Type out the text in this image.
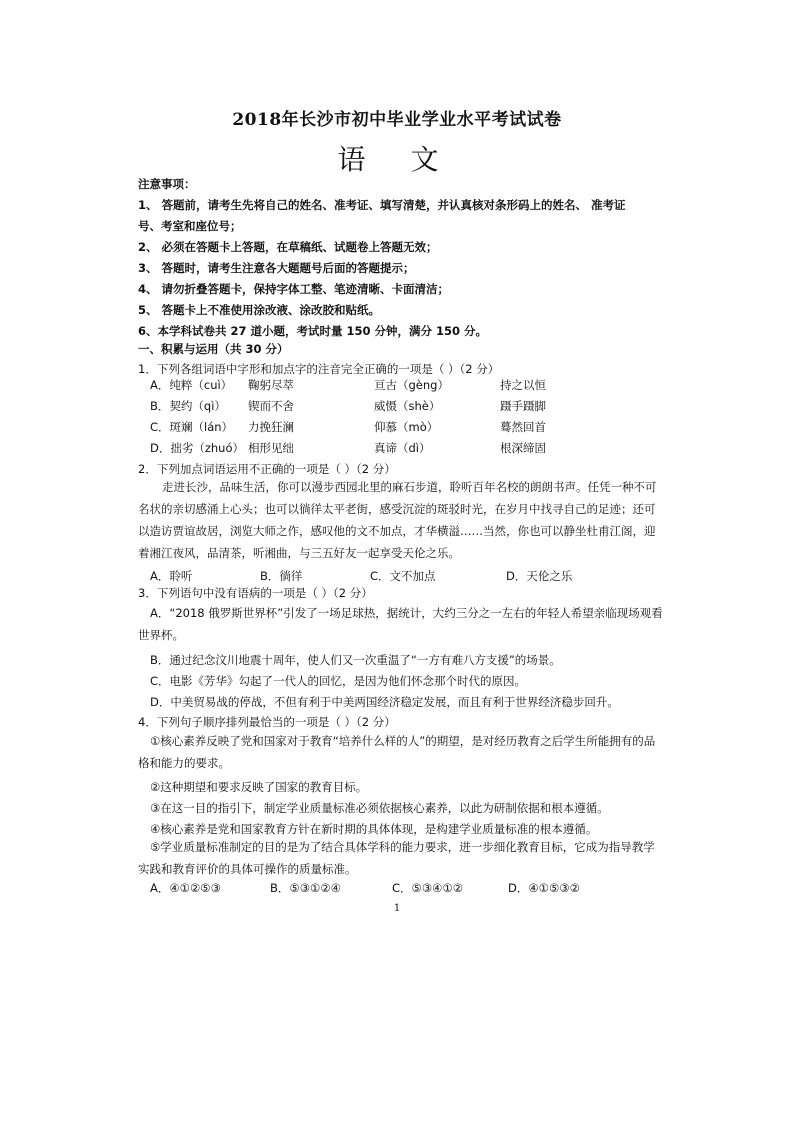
2018年长沙市初中毕业学业水平考试试卷
语 文
注意事项：
1、 答题前，请考生先将自己的姓名、准考证、填写清楚，并认真核对条形码上的姓名、 准考证
号、考室和座位号；
2、 必须在答题卡上答题，在草稿纸、试题卷上答题无效；
3、 答题时，请考生注意各大题题号后面的答题提示；
4、 请勿折叠答题卡，保持字体工整、笔迹清晰、卡面清洁；
5、 答题卡上不准使用涂改液、涂改胶和贴纸。
6、本学科试卷共 27 道小题，考试时量 150 分钟，满分 150 分。
一、积累与运用（共 30 分）
1．下列各组词语中字形和加点字的注音完全正确的一项是（ ）（2 分）
A．纯粹（cuì） 鞠躬尽萃	亘古（gèng）	持之以恒
B．契约（qì） 锲而不舍	威慑（shè）	蹑手蹑脚
C．斑斓（lán） 力挽狂澜	仰慕（mò）	蓦然回首
D．拙劣（zhuó） 相形见绌	真谛（dì）	根深缔固
2．下列加点词语运用不正确的一项是（ ）（2 分）
走进长沙，品味生活，你可以漫步西园北里的麻石步道，聆听百年名校的朗朗书声。任凭一种不可名状的亲切感涌上心头；也可以徜徉太平老街，感受沉淀的斑驳时光，在岁月中找寻自己的足迹；还可以造访贾谊故居，浏览大师之作，感叹他的文不加点，才华横溢……当然，你也可以静坐杜甫江阁，迎着湘江夜风，品清茶，听湘曲，与三五好友一起享受天伦之乐。
A．聆听	B．徜徉	C．文不加点	D．天伦之乐
3．下列语句中没有语病的一项是（ ）（2 分）
A．“2018 俄罗斯世界杯”引发了一场足球热，据统计，大约三分之一左右的年轻人希望亲临现场观看世界杯。
B．通过纪念汶川地震十周年，使人们又一次重温了“一方有难八方支援”的场景。
C．电影《芳华》勾起了一代人的回忆，是因为他们怀念那个时代的原因。
D．中美贸易战的停战，不但有利于中美两国经济稳定发展，而且有利于世界经济稳步回升。
4．下列句子顺序排列最恰当的一项是（ ）（2 分）
①核心素养反映了党和国家对于教育“培养什么样的人”的期望，是对经历教育之后学生所能拥有的品格和能力的要求。
②这种期望和要求反映了国家的教育目标。
③在这一目的指引下，制定学业质量标准必须依据核心素养，以此为研制依据和根本遵循。
④核心素养是党和国家教育方针在新时期的具体体现，是构建学业质量标准的根本遵循。
⑤学业质量标准制定的目的是为了结合具体学科的能力要求，进一步细化教育目标，它成为指导教学实践和教育评价的具体可操作的质量标准。
A．④①②⑤③	B．⑤③①②④	C．⑤③④①②	D．④①⑤③②
1
